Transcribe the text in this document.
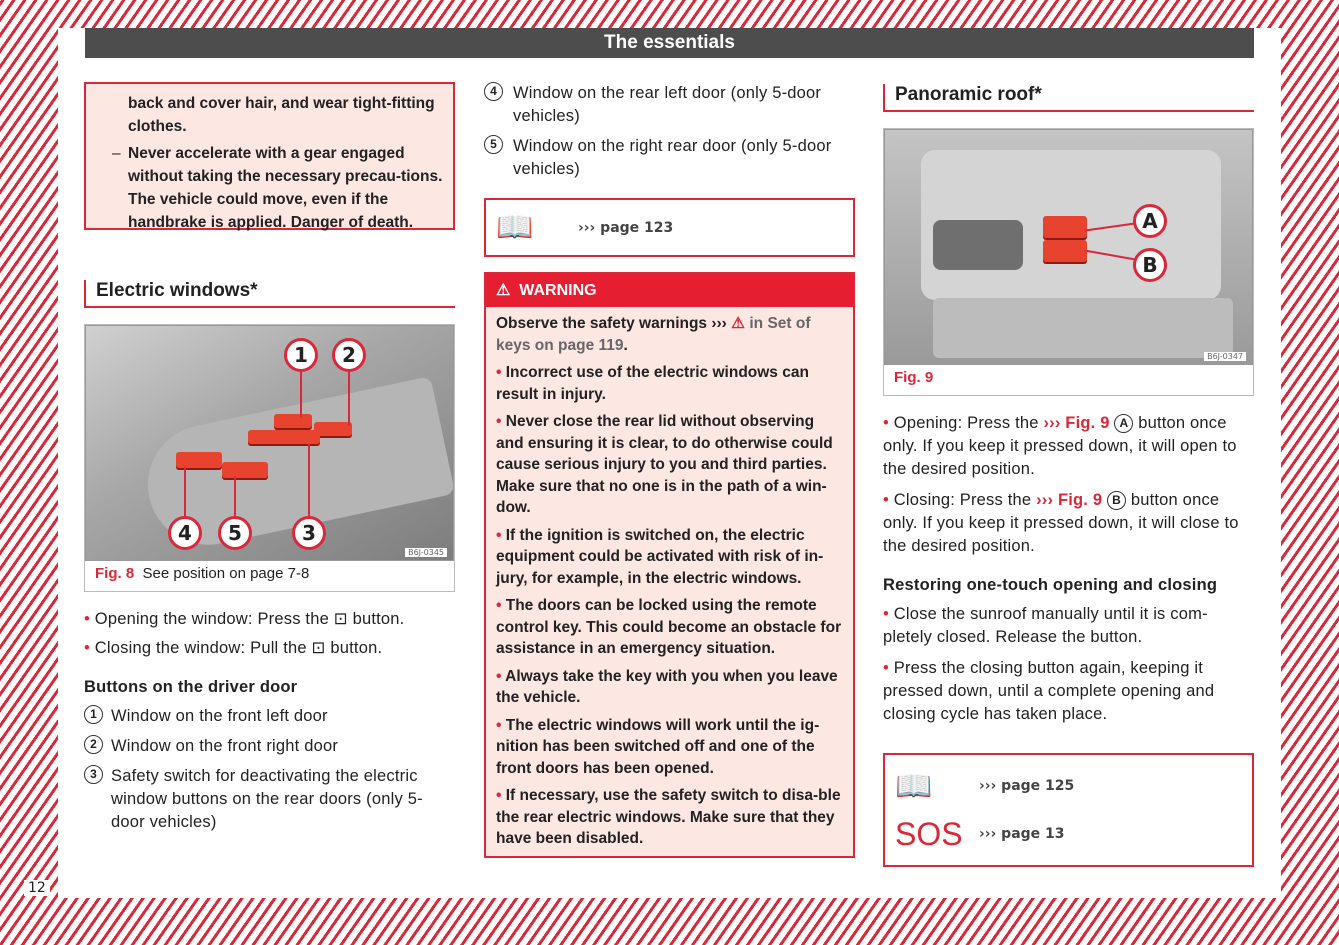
The essentials
12
back and cover hair, and wear tight-fitting clothes.
– Never accelerate with a gear engaged without taking the necessary precau-tions. The vehicle could move, even if the handbrake is applied. Danger of death.
Electric windows*
1	2
3
4	5
B6J-0345
Fig. 8 See position on page 7-8

• Opening the window: Press the ⊡ button.

• Closing the window: Pull the ⊡ button.

Buttons on the driver door
1 Window on the front left door
2 Window on the front right door
3 Safety switch for deactivating the electric window buttons on the rear doors (only 5-door vehicles)
4 Window on the rear left door (only 5-door vehicles)
5 Window on the right rear door (only 5-door vehicles)
📖	››› page 123
⚠ WARNING

Observe the safety warnings ››› ⚠ in Set of keys on page 119.

• Incorrect use of the electric windows can result in injury.

• Never close the rear lid without observing and ensuring it is clear, to do otherwise could cause serious injury to you and third parties. Make sure that no one is in the path of a win-dow.

• If the ignition is switched on, the electric equipment could be activated with risk of in-jury, for example, in the electric windows.

• The doors can be locked using the remote control key. This could become an obstacle for assistance in an emergency situation.

• Always take the key with you when you leave the vehicle.

• The electric windows will work until the ig-nition has been switched off and one of the front doors has been opened.

• If necessary, use the safety switch to disa-ble the rear electric windows. Make sure that they have been disabled.

Panoramic roof*
A
B
B6J-0347
Fig. 9

• Opening: Press the ››› Fig. 9 A button once only. If you keep it pressed down, it will open to the desired position.

• Closing: Press the ››› Fig. 9 B button once only. If you keep it pressed down, it will close to the desired position.

Restoring one-touch opening and closing

• Close the sunroof manually until it is com-pletely closed. Release the button.

• Press the closing button again, keeping it pressed down, until a complete opening and closing cycle has taken place.

📖	››› page 125
SOS	››› page 13
